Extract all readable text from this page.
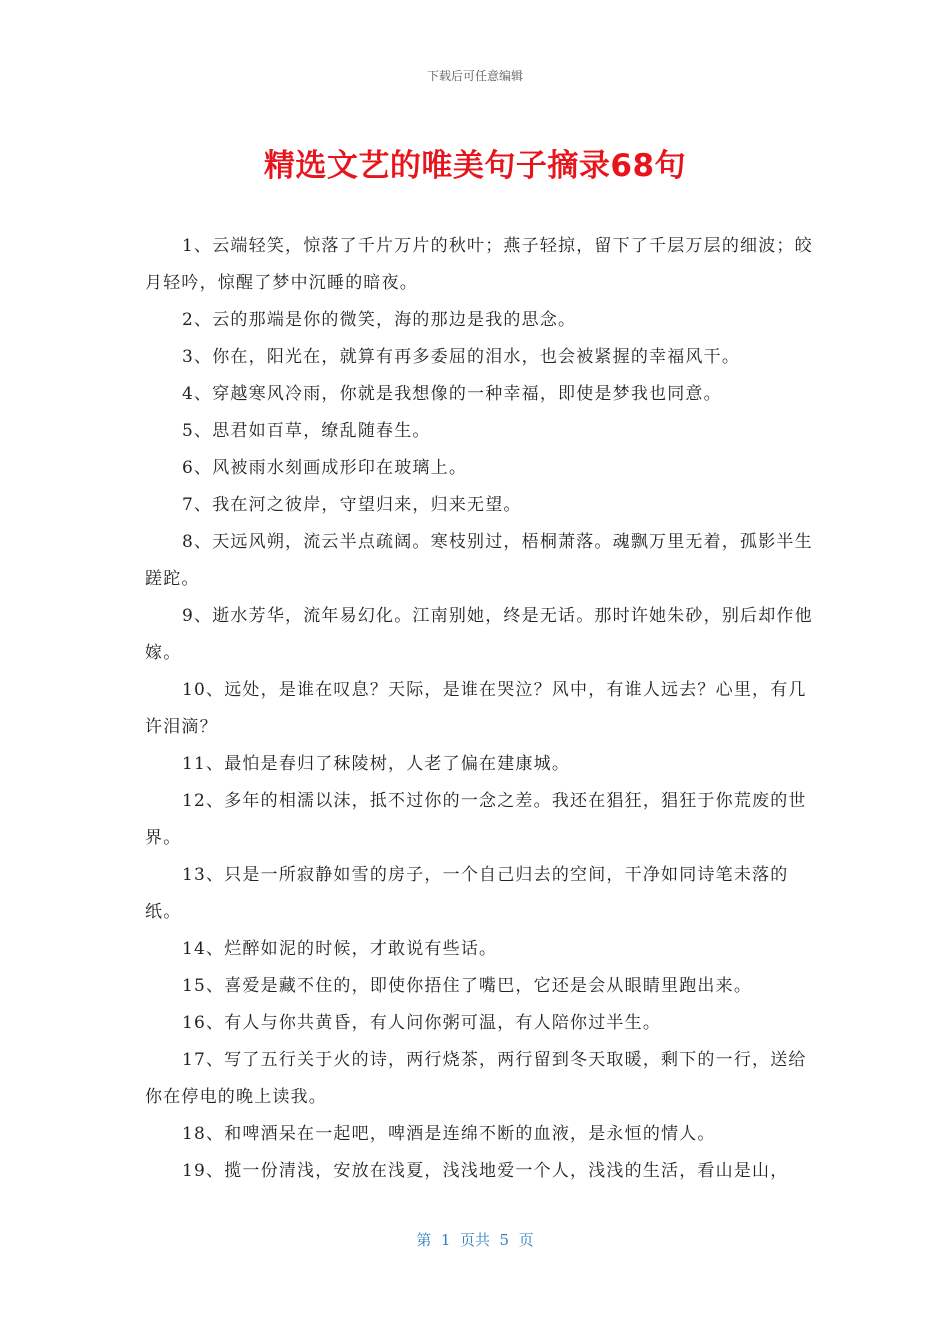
下载后可任意编辑
精选文艺的唯美句子摘录68句

1、云端轻笑，惊落了千片万片的秋叶；燕子轻掠，留下了千层万层的细波；皎月轻吟，惊醒了梦中沉睡的暗夜。

2、云的那端是你的微笑，海的那边是我的思念。

3、你在，阳光在，就算有再多委屈的泪水，也会被紧握的幸福风干。

4、穿越寒风冷雨，你就是我想像的一种幸福，即使是梦我也同意。

5、思君如百草，缭乱随春生。

6、风被雨水刻画成形印在玻璃上。

7、我在河之彼岸，守望归来，归来无望。

8、天远风朔，流云半点疏阔。寒枝别过，梧桐萧落。魂飘万里无着，孤影半生蹉跎。

9、逝水芳华，流年易幻化。江南别她，终是无话。那时许她朱砂，别后却作他嫁。

10、远处，是谁在叹息？天际，是谁在哭泣？风中，有谁人远去？心里，有几许泪滴？

11、最怕是春归了秣陵树，人老了偏在建康城。

12、多年的相濡以沫，抵不过你的一念之差。我还在猖狂，猖狂于你荒废的世界。

13、只是一所寂静如雪的房子，一个自己归去的空间，干净如同诗笔未落的纸。

14、烂醉如泥的时候，才敢说有些话。

15、喜爱是藏不住的，即使你捂住了嘴巴，它还是会从眼睛里跑出来。

16、有人与你共黄昏，有人问你粥可温，有人陪你过半生。

17、写了五行关于火的诗，两行烧茶，两行留到冬天取暖，剩下的一行，送给你在停电的晚上读我。

18、和啤酒呆在一起吧，啤酒是连绵不断的血液，是永恒的情人。

19、揽一份清浅，安放在浅夏，浅浅地爱一个人，浅浅的生活，看山是山，

第  1  页共  5  页
